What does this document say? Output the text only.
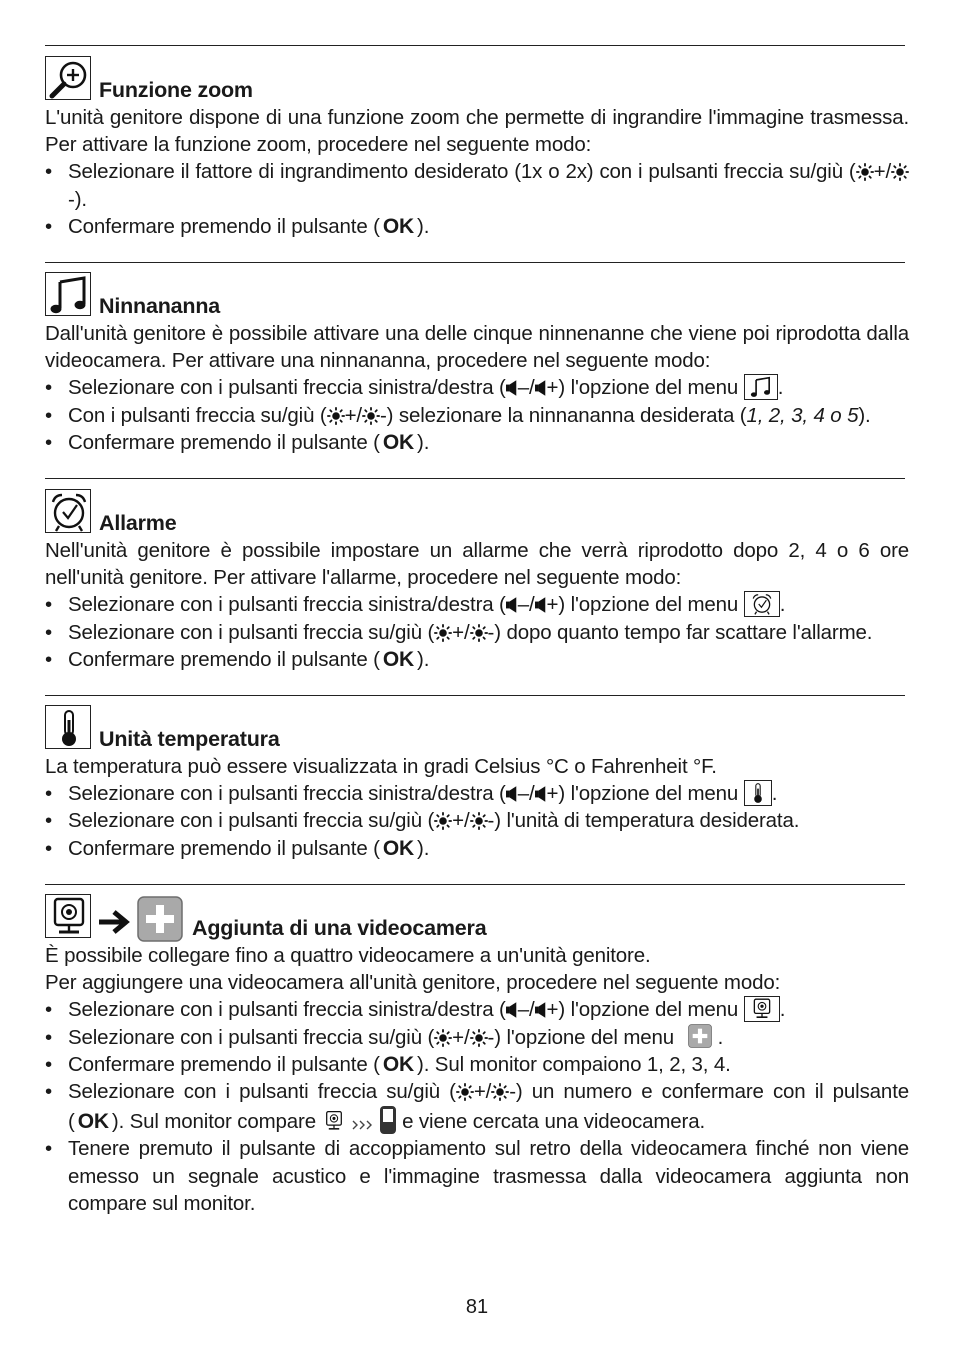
Funzione zoom

L'unità genitore dispone di una funzione zoom che permette di ingrandire l'immagine trasmessa. Per attivare la funzione zoom, procedere nel seguente modo:

• Selezionare il fattore di ingrandimento desiderato (1x o 2x) con i pulsanti freccia su/giù ( +/-).
• Confermare premendo il pulsante ( OK ).
Ninnananna

Dall'unità genitore è possibile attivare una delle cinque ninnenanne che viene poi riprodotta dalla videocamera. Per attivare una ninnananna, procedere nel seguente modo:

• Selezionare con i pulsanti freccia sinistra/destra ( –/ +) l'opzione del menu .
• Con i pulsanti freccia su/giù ( +/ -) selezionare la ninnananna desiderata (1, 2, 3, 4 o 5).
• Confermare premendo il pulsante ( OK ).
Allarme

Nell'unità genitore è possibile impostare un allarme che verrà riprodotto dopo 2, 4 o 6 ore nell'unità genitore. Per attivare l'allarme, procedere nel seguente modo:

• Selezionare con i pulsanti freccia sinistra/destra ( –/ +) l'opzione del menu .
• Selezionare con i pulsanti freccia su/giù ( +/ -) dopo quanto tempo far scattare l'allarme.
• Confermare premendo il pulsante ( OK ).
Unità temperatura

La temperatura può essere visualizzata in gradi Celsius °C o Fahrenheit °F.

• Selezionare con i pulsanti freccia sinistra/destra ( –/ +) l'opzione del menu .
• Selezionare con i pulsanti freccia su/giù ( +/ -) l'unità di temperatura desiderata.
• Confermare premendo il pulsante ( OK ).
Aggiunta di una videocamera

È possibile collegare fino a quattro videocamere a un'unità genitore.

Per aggiungere una videocamera all'unità genitore, procedere nel seguente modo:

• Selezionare con i pulsanti freccia sinistra/destra ( –/ +) l'opzione del menu .
• Selezionare con i pulsanti freccia su/giù ( +/ -) l'opzione del menu .
• Confermare premendo il pulsante ( OK ). Sul monitor compaiono 1, 2, 3, 4.
• Selezionare con i pulsanti freccia su/giù ( +/ -) un numero e confermare con il pulsante ( OK ). Sul monitor compare	e viene cercata una videocamera.
• Tenere premuto il pulsante di accoppiamento sul retro della videocamera finché non viene emesso un segnale acustico e l'immagine trasmessa dalla videocamera aggiunta non compare sul monitor.
81
